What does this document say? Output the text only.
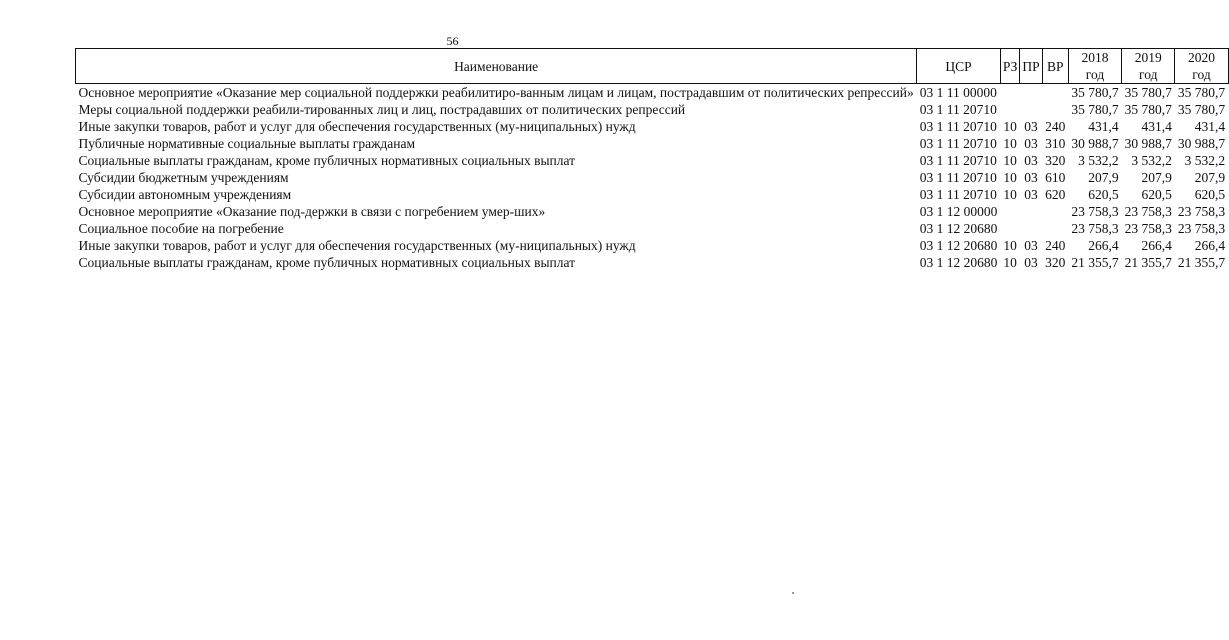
56
Наименование	ЦСР	РЗ	ПР	ВР	2018 год	2019 год	2020 год
Основное мероприятие «Оказание мер социальной поддержки реабилитиро-ванным лицам и лицам, пострадавшим от политических репрессий»	03 1 11 00000				35 780,7	35 780,7	35 780,7
Меры социальной поддержки реабили-тированных лиц и лиц, пострадавших от политических репрессий	03 1 11 20710				35 780,7	35 780,7	35 780,7
Иные закупки товаров, работ и услуг для обеспечения государственных (му-ниципальных) нужд	03 1 11 20710	10	03	240	431,4	431,4	431,4
Публичные нормативные социальные выплаты гражданам	03 1 11 20710	10	03	310	30 988,7	30 988,7	30 988,7
Социальные выплаты гражданам, кроме публичных нормативных социальных выплат	03 1 11 20710	10	03	320	3 532,2	3 532,2	3 532,2
Субсидии бюджетным учреждениям	03 1 11 20710	10	03	610	207,9	207,9	207,9
Субсидии автономным учреждениям	03 1 11 20710	10	03	620	620,5	620,5	620,5
Основное мероприятие «Оказание под-держки в связи с погребением умер-ших»	03 1 12 00000				23 758,3	23 758,3	23 758,3
Социальное пособие на погребение	03 1 12 20680				23 758,3	23 758,3	23 758,3
Иные закупки товаров, работ и услуг для обеспечения государственных (му-ниципальных) нужд	03 1 12 20680	10	03	240	266,4	266,4	266,4
Социальные выплаты гражданам, кроме публичных нормативных социальных выплат	03 1 12 20680	10	03	320	21 355,7	21 355,7	21 355,7
